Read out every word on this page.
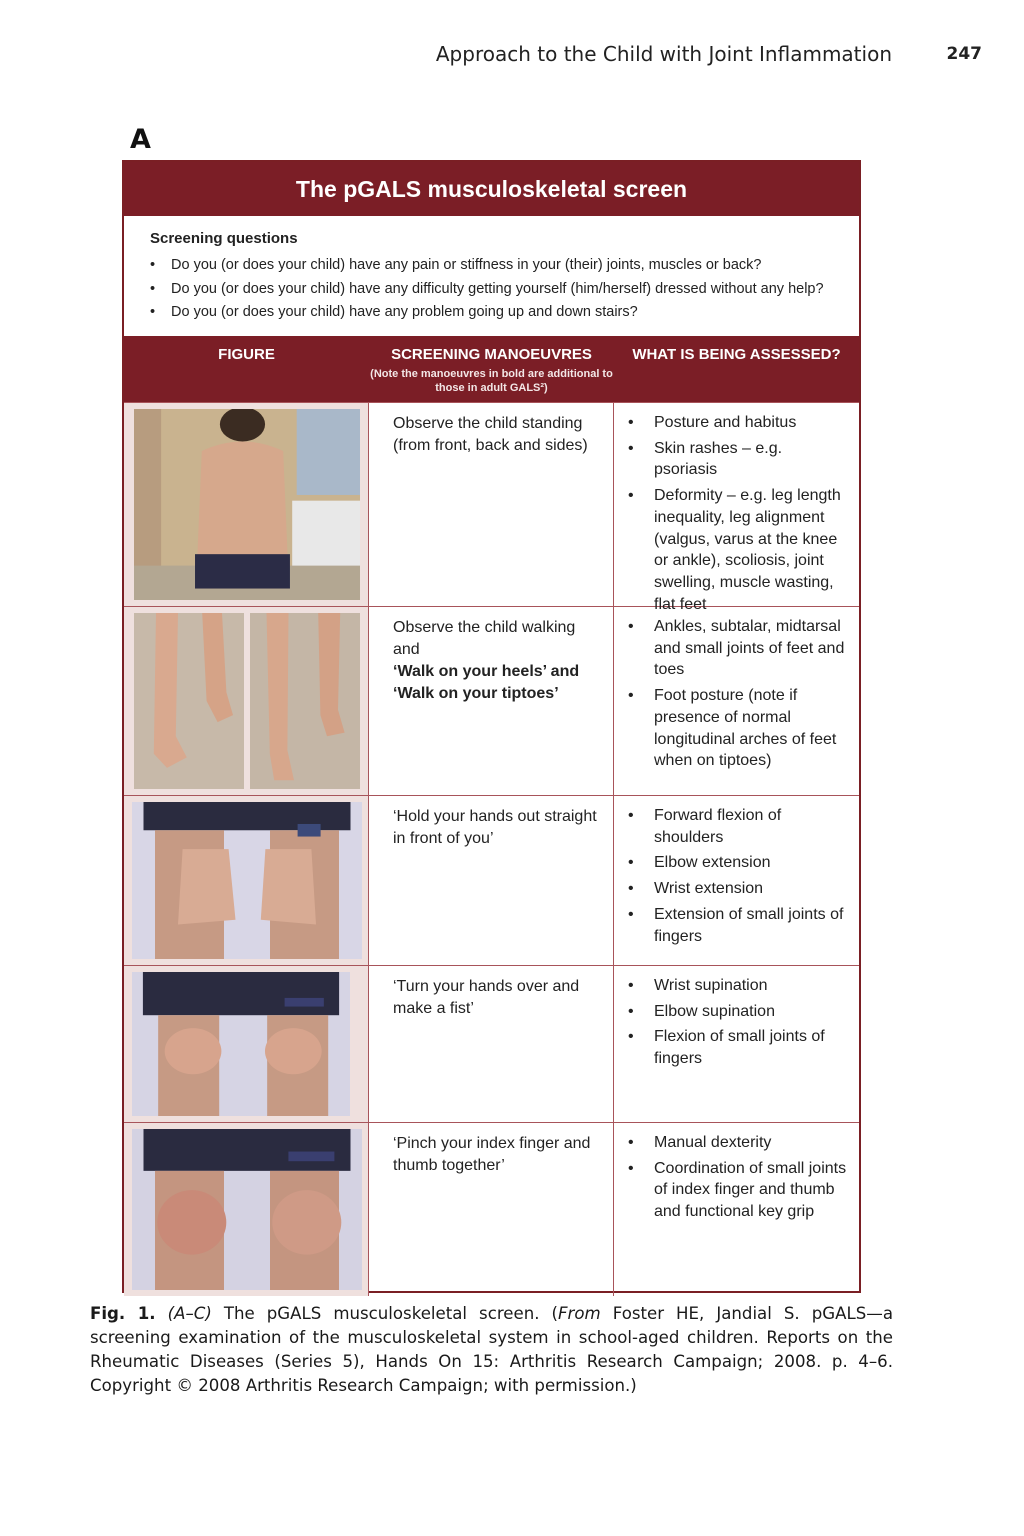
Approach to the Child with Joint Inflammation	247
A
The pGALS musculoskeletal screen
Screening questions
• Do you (or does your child) have any pain or stiffness in your (their) joints, muscles or back?
• Do you (or does your child) have any difficulty getting yourself (him/herself) dressed without any help?
• Do you (or does your child) have any problem going up and down stairs?
FIGURE	SCREENING MANOEUVRES
(Note the manoeuvres in bold are additional to those in adult GALS²)
WHAT IS BEING ASSESSED?
Observe the child standing (from front, back and sides)
• Posture and habitus
• Skin rashes – e.g. psoriasis
• Deformity – e.g. leg length inequality, leg alignment (valgus, varus at the knee or ankle), scoliosis, joint swelling, muscle wasting, flat feet
Observe the child walking and
‘Walk on your heels’ and ‘Walk on your tiptoes’
• Ankles, subtalar, midtarsal and small joints of feet and toes
• Foot posture (note if presence of normal longitudinal arches of feet when on tiptoes)
‘Hold your hands out straight in front of you’
• Forward flexion of shoulders
• Elbow extension
• Wrist extension
• Extension of small joints of fingers
‘Turn your hands over and make a fist’
• Wrist supination
• Elbow supination
• Flexion of small joints of fingers
‘Pinch your index finger and thumb together’
• Manual dexterity
• Coordination of small joints of index finger and thumb and functional key grip
Fig. 1. (A–C) The pGALS musculoskeletal screen. (From Foster HE, Jandial S. pGALS—a screening examination of the musculoskeletal system in school-aged children. Reports on the Rheumatic Diseases (Series 5), Hands On 15: Arthritis Research Campaign; 2008. p. 4–6. Copyright © 2008 Arthritis Research Campaign; with permission.)
